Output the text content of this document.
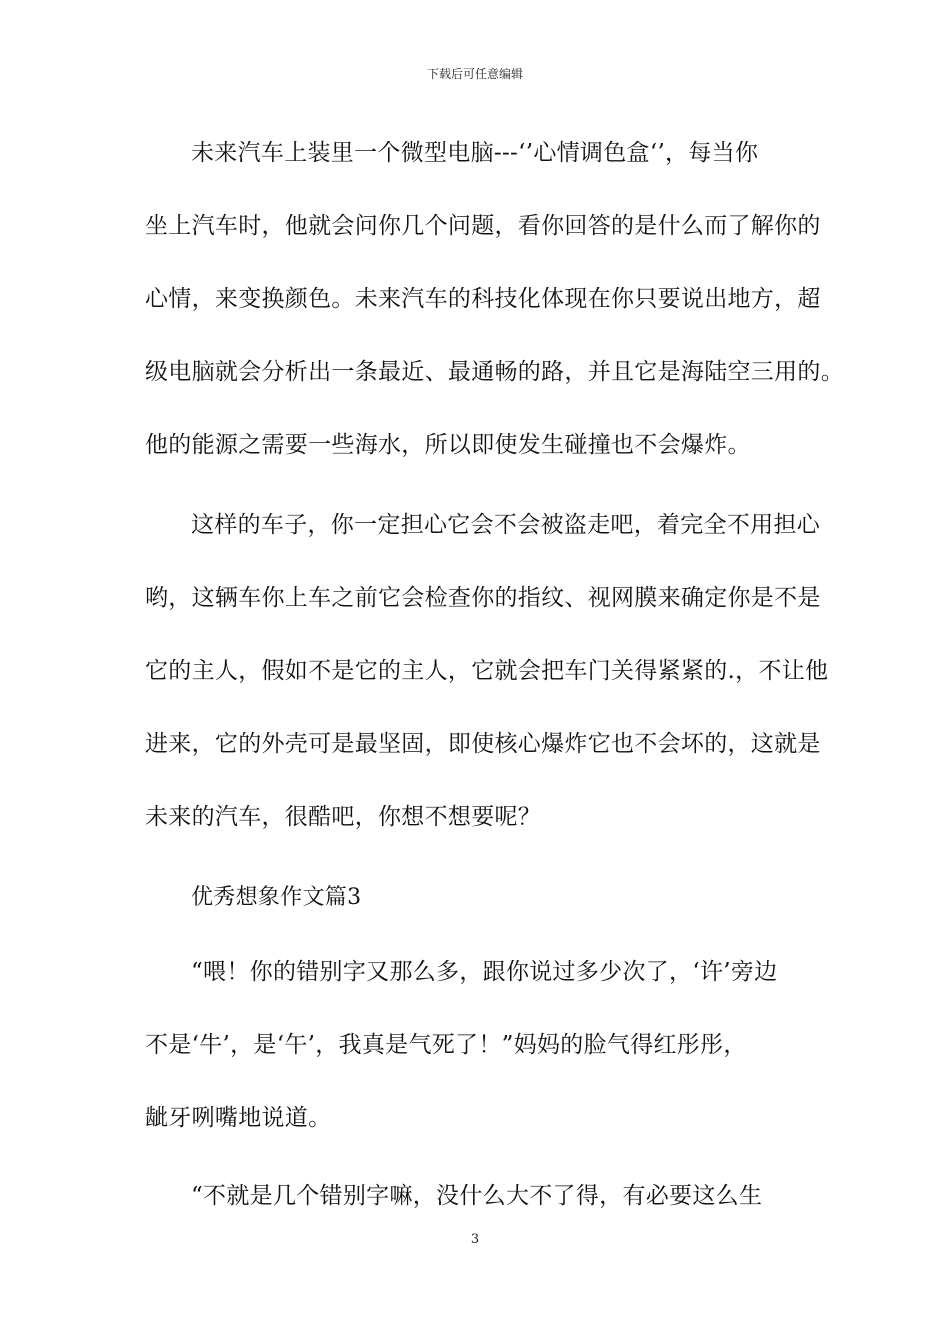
下载后可任意编辑
未来汽车上装里一个微型电脑---‘’心情调色盒‘’，每当你
坐上汽车时，他就会问你几个问题，看你回答的是什么而了解你的
心情，来变换颜色。未来汽车的科技化体现在你只要说出地方，超
级电脑就会分析出一条最近、最通畅的路，并且它是海陆空三用的。
他的能源之需要一些海水，所以即使发生碰撞也不会爆炸。
这样的车子，你一定担心它会不会被盗走吧，着完全不用担心
哟，这辆车你上车之前它会检查你的指纹、视网膜来确定你是不是
它的主人，假如不是它的主人，它就会把车门关得紧紧的.，不让他
进来，它的外壳可是最坚固，即使核心爆炸它也不会坏的，这就是
未来的汽车，很酷吧，你想不想要呢？
优秀想象作文篇3
“喂！你的错别字又那么多，跟你说过多少次了，‘许’旁边
不是‘牛’，是‘午’，我真是气死了！”妈妈的脸气得红彤彤，
龇牙咧嘴地说道。
“不就是几个错别字嘛，没什么大不了得，有必要这么生
3
